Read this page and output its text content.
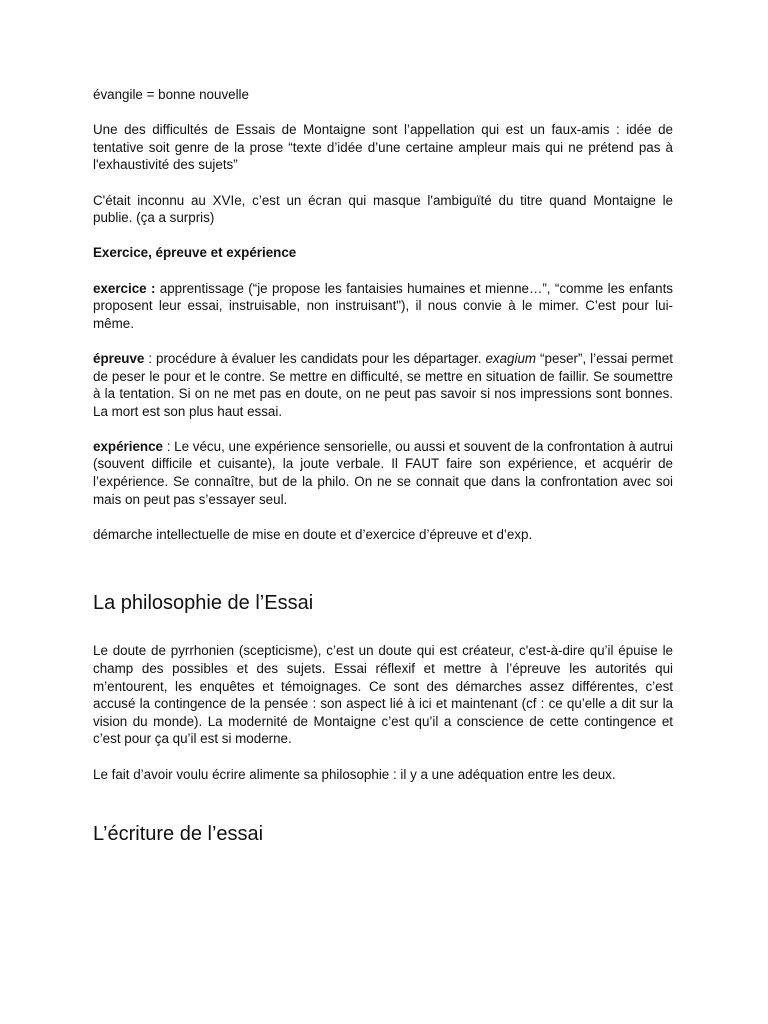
évangile = bonne nouvelle

Une des difficultés de Essais de Montaigne sont l’appellation qui est un faux-amis : idée de tentative soit genre de la prose “texte d’idée d’une certaine ampleur mais qui ne prétend pas à l'exhaustivité des sujets”

C'était inconnu au XVIe, c’est un écran qui masque l'ambiguïté du titre quand Montaigne le publie. (ça a surpris)

Exercice, épreuve et expérience

exercice : apprentissage (“je propose les fantaisies humaines et mienne…”, “comme les enfants proposent leur essai, instruisable, non instruisant"), il nous convie à le mimer. C’est pour lui-même.

épreuve : procédure à évaluer les candidats pour les départager. exagium “peser”, l’essai permet de peser le pour et le contre. Se mettre en difficulté, se mettre en situation de faillir. Se soumettre à la tentation. Si on ne met pas en doute, on ne peut pas savoir si nos impressions sont bonnes. La mort est son plus haut essai.

expérience : Le vécu, une expérience sensorielle, ou aussi et souvent de la confrontation à autrui (souvent difficile et cuisante), la joute verbale. Il FAUT faire son expérience, et acquérir de l’expérience. Se connaître, but de la philo. On ne se connait que dans la confrontation avec soi mais on peut pas s’essayer seul.

démarche intellectuelle de mise en doute et d’exercice d’épreuve et d’exp.

La philosophie de l’Essai

Le doute de pyrrhonien (scepticisme), c’est un doute qui est créateur, c'est-à-dire qu’il épuise le champ des possibles et des sujets. Essai réflexif et mettre à l’épreuve les autorités qui m’entourent, les enquêtes et témoignages. Ce sont des démarches assez différentes, c’est accusé la contingence de la pensée : son aspect lié à ici et maintenant (cf : ce qu’elle a dit sur la vision du monde). La modernité de Montaigne c’est qu’il a conscience de cette contingence et c’est pour ça qu’il est si moderne.

Le fait d’avoir voulu écrire alimente sa philosophie : il y a une adéquation entre les deux.

L’écriture de l’essai
